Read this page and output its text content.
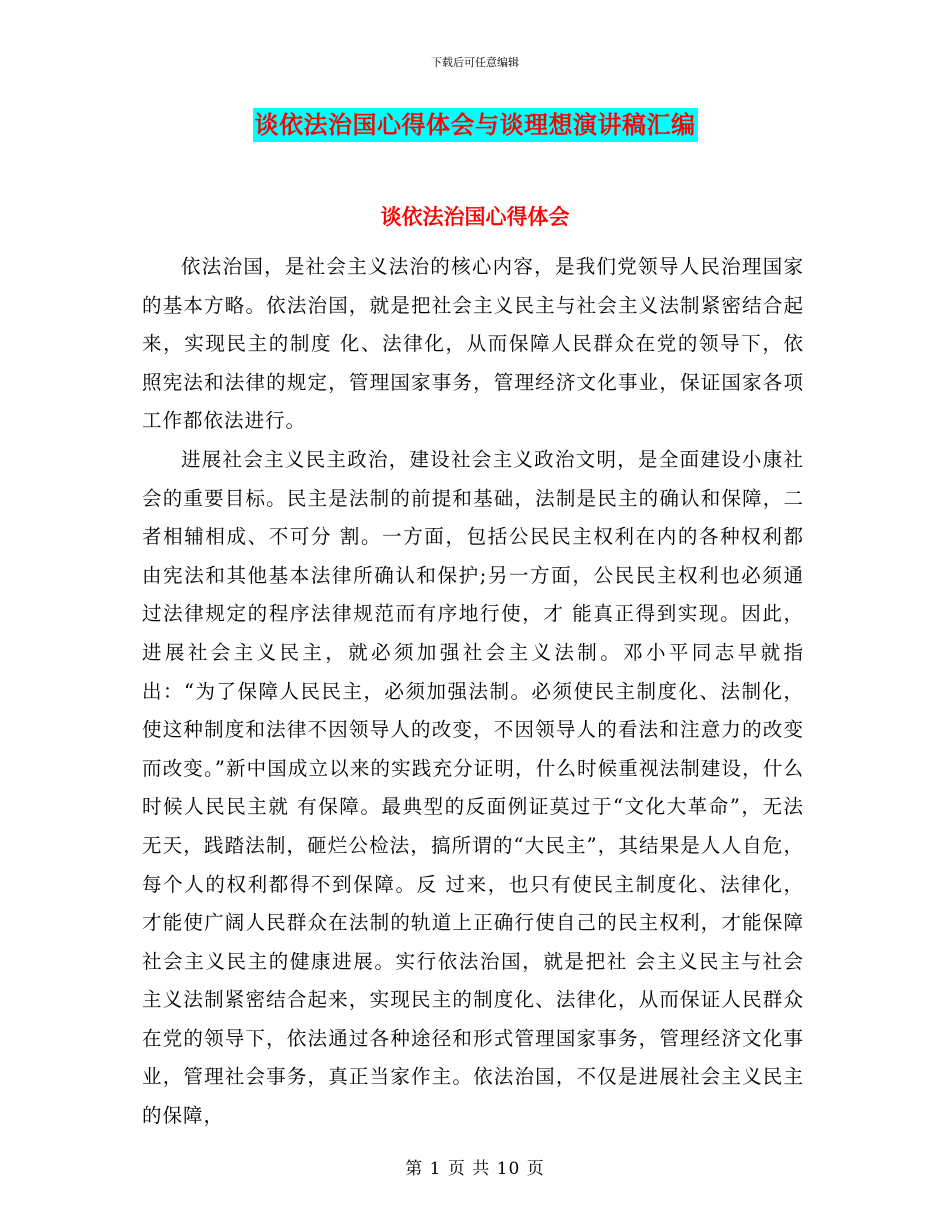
下载后可任意编辑
谈依法治国心得体会与谈理想演讲稿汇编
谈依法治国心得体会

依法治国，是社会主义法治的核心内容，是我们党领导人民治理国家的基本方略。依法治国，就是把社会主义民主与社会主义法制紧密结合起来，实现民主的制度 化、法律化，从而保障人民群众在党的领导下，依照宪法和法律的规定，管理国家事务，管理经济文化事业，保证国家各项工作都依法进行。

进展社会主义民主政治，建设社会主义政治文明，是全面建设小康社会的重要目标。民主是法制的前提和基础，法制是民主的确认和保障，二者相辅相成、不可分 割。一方面，包括公民民主权利在内的各种权利都由宪法和其他基本法律所确认和保护;另一方面，公民民主权利也必须通过法律规定的程序法律规范而有序地行使，才 能真正得到实现。因此，进展社会主义民主，就必须加强社会主义法制。邓小平同志早就指出：“为了保障人民民主，必须加强法制。必须使民主制度化、法制化， 使这种制度和法律不因领导人的改变，不因领导人的看法和注意力的改变而改变。”新中国成立以来的实践充分证明，什么时候重视法制建设，什么时候人民民主就 有保障。最典型的反面例证莫过于“文化大革命”，无法无天，践踏法制，砸烂公检法，搞所谓的“大民主”，其结果是人人自危，每个人的权利都得不到保障。反 过来，也只有使民主制度化、法律化，才能使广阔人民群众在法制的轨道上正确行使自己的民主权利，才能保障社会主义民主的健康进展。实行依法治国，就是把社 会主义民主与社会主义法制紧密结合起来，实现民主的制度化、法律化，从而保证人民群众在党的领导下，依法通过各种途径和形式管理国家事务，管理经济文化事 业，管理社会事务，真正当家作主。依法治国，不仅是进展社会主义民主的保障，

第 1 页 共 10 页
